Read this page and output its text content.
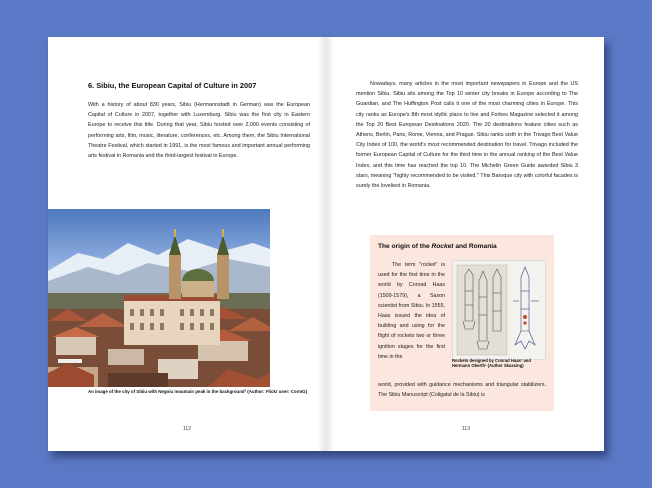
6. Sibiu, the European Capital of Culture in 2007
With a history of about 830 years, Sibiu (Hermannstadt in German) was the European Capital of Culture in 2007, together with Luxemburg. Sibiu was the first city in Eastern Europe to receive this title. During that year, Sibiu hosted over 2,000 events consisting of performing arts, film, music, literature, conferences, etc. Among them, the Sibiu International Theatre Festival, which started in 1991, is the most famous and important annual performing arts festival in Romania and the third-largest festival in Europe.
An image of the city of Sibiu with Negoiu mountain peak in the background¹ (Author: Flickr user: CornIG)
112
Nowadays, many articles in the most important newspapers in Europe and the US mention Sibiu. Sibiu sits among the Top 10 winter city breaks in Europe according to The Guardian, and The Huffington Post calls it one of the most charming cities in Europe. This city ranks as Europe's 8th most idyllic place to live and Forbes Magazine selected it among the Top 20 Best European Destinations 2020. The 20 destinations feature cities such as Athens, Berlin, Paris, Rome, Vienna, and Prague. Sibiu ranks sixth in the Trivago Best Value City Index of 100, the world's most recommended destination for travel. Trivago included the former European Capital of Culture for the third time in the annual ranking of the Best Value Index, and this time has reached the top 10. The Michelin Green Guide awarded Sibiu 3 stars, meaning "highly recommended to be visited." This Baroque city with colorful facades is surely the loveliest in Romania.
The origin of the Rocket and Romania
The term "rocket" is used for the first time in the world by Conrad Haas (1509-1579), a Saxon scientist from Sibiu. In 1555, Haas issued the idea of building and using for the flight of rockets two or three ignition stages for the first time in the
Rockets designed by Conrad Haas² and Hermann Oberth³ (Author Skassing)
world, provided with guidance mechanisms and triangular stabilizers. The Sibiu Manuscript (Coligatul de la Sibiu) is
113
